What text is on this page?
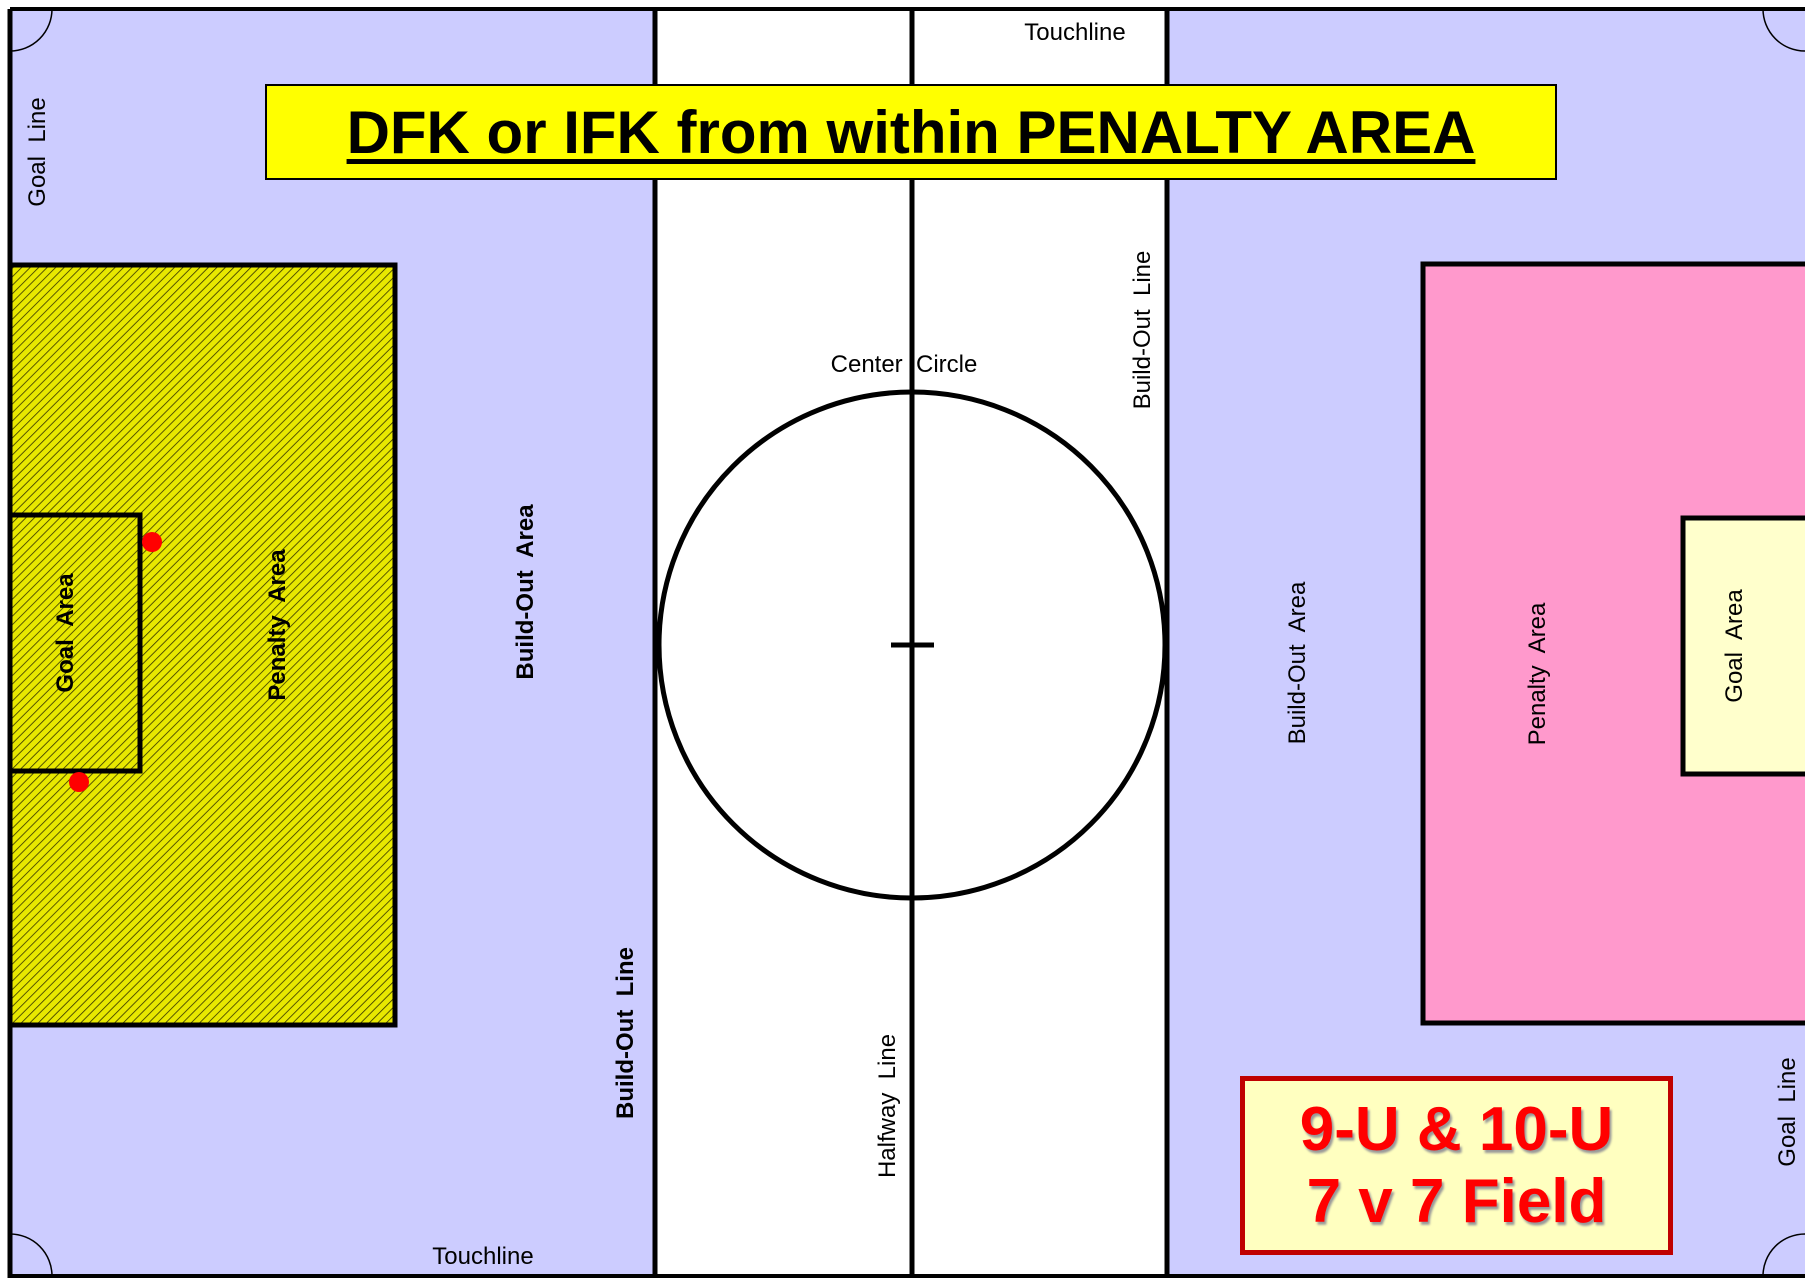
Touchline
Touchline
Center  Circle
Goal  Line
Goal  Line
Build-Out  Line
Halfway  Line
Build-Out  Line
Build-Out  Area
Penalty  Area
Goal  Area	Build-Out  Area	Penalty  Area	Goal  Area
DFK or IFK from within PENALTY AREA
9-U & 10-U
7 v 7 Field
